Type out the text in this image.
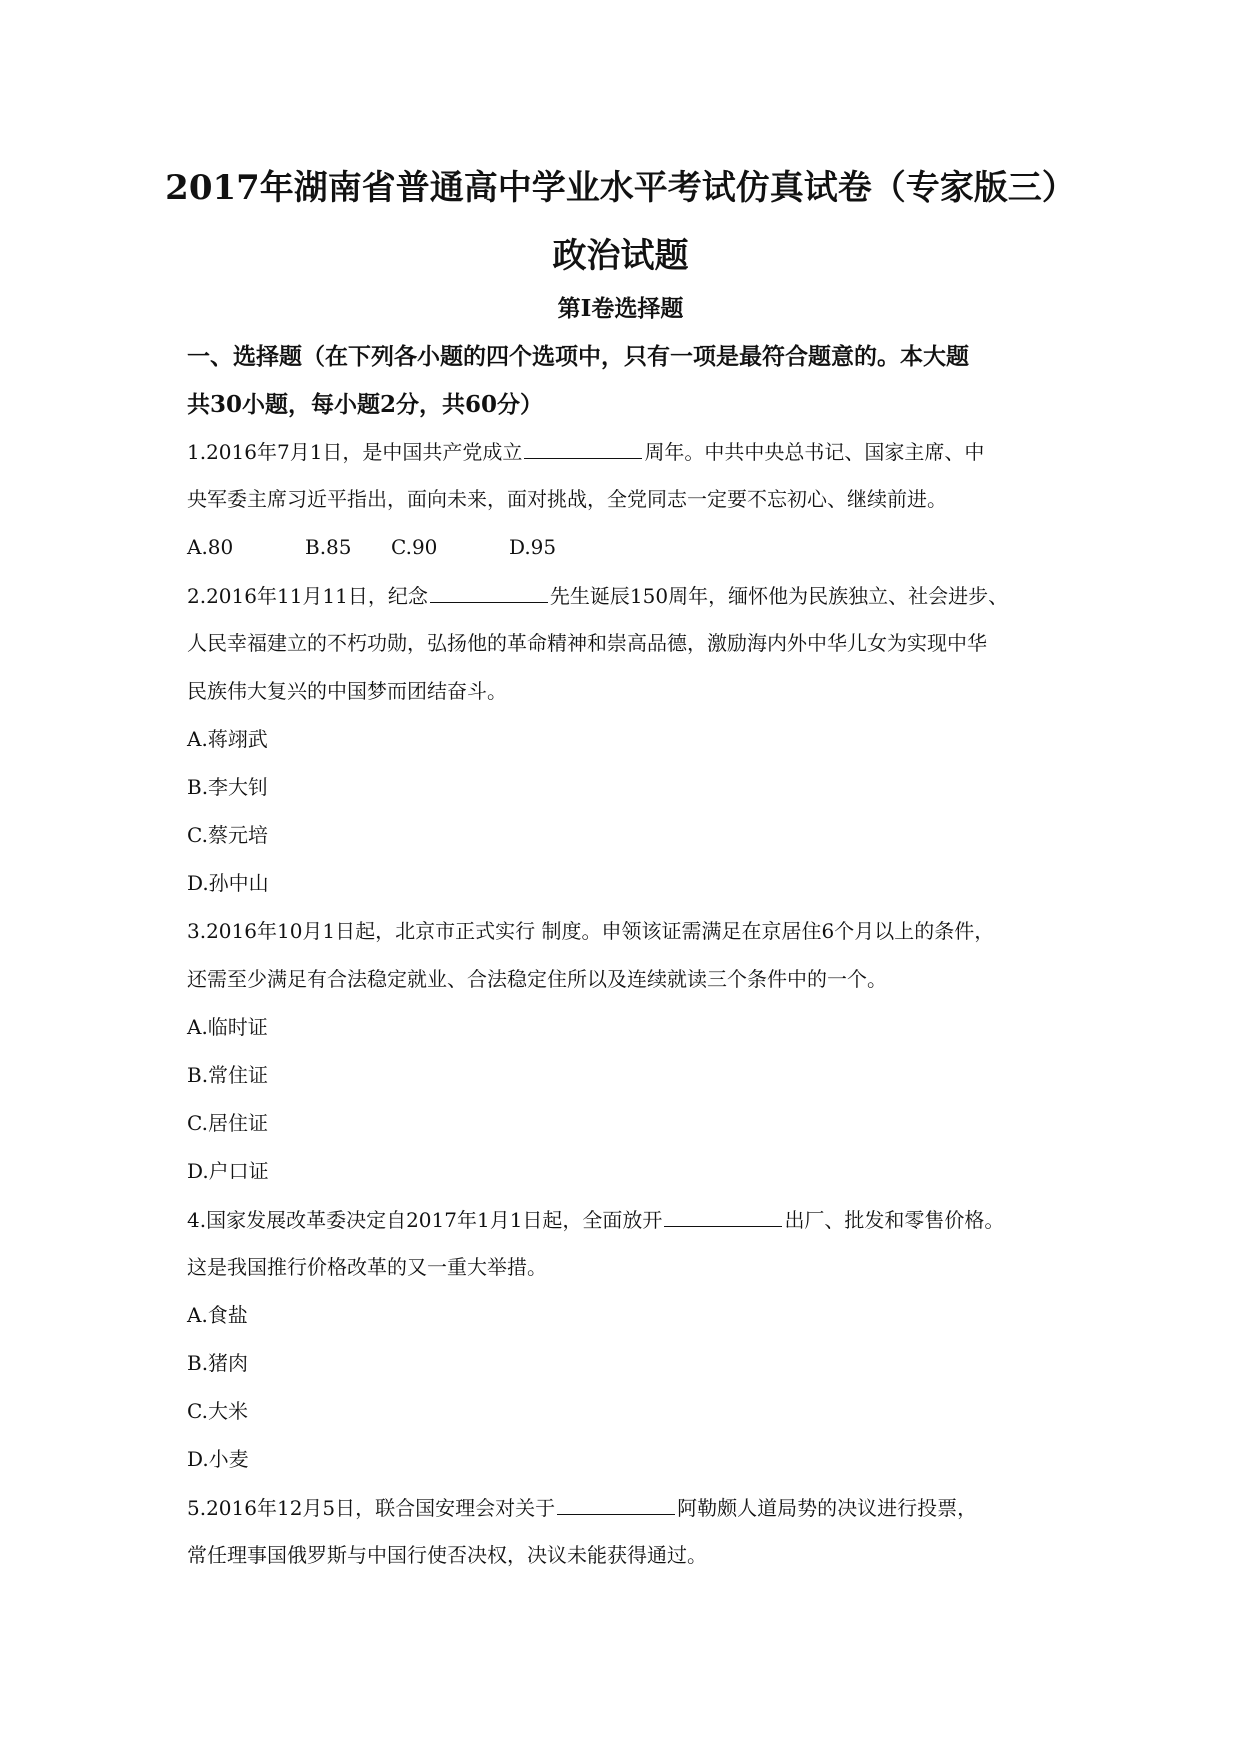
2017年湖南省普通高中学业水平考试仿真试卷（专家版三）
政治试题
第Ⅰ卷选择题
一、选择题（在下列各小题的四个选项中，只有一项是最符合题意的。本大题
共30小题，每小题2分，共60分）
1.2016年7月1日，是中国共产党成立	周年。中共中央总书记、国家主席、中
央军委主席习近平指出，面向未来，面对挑战，全党同志一定要不忘初心、继续前进。
A.80	B.85 C.90	D.95
2.2016年11月11日，纪念	先生诞辰150周年，缅怀他为民族独立、社会进步、
人民幸福建立的不朽功勋，弘扬他的革命精神和崇高品德，激励海内外中华儿女为实现中华
民族伟大复兴的中国梦而团结奋斗。
A.蒋翊武
B.李大钊
C.蔡元培
D.孙中山
3.2016年10月1日起，北京市正式实行 制度。申领该证需满足在京居住6个月以上的条件，
还需至少满足有合法稳定就业、合法稳定住所以及连续就读三个条件中的一个。
A.临时证
B.常住证
C.居住证
D.户口证
4.国家发展改革委决定自2017年1月1日起，全面放开	出厂、批发和零售价格。
这是我国推行价格改革的又一重大举措。
A.食盐
B.猪肉
C.大米
D.小麦
5.2016年12月5日，联合国安理会对关于	阿勒颇人道局势的决议进行投票，
常任理事国俄罗斯与中国行使否决权，决议未能获得通过。
